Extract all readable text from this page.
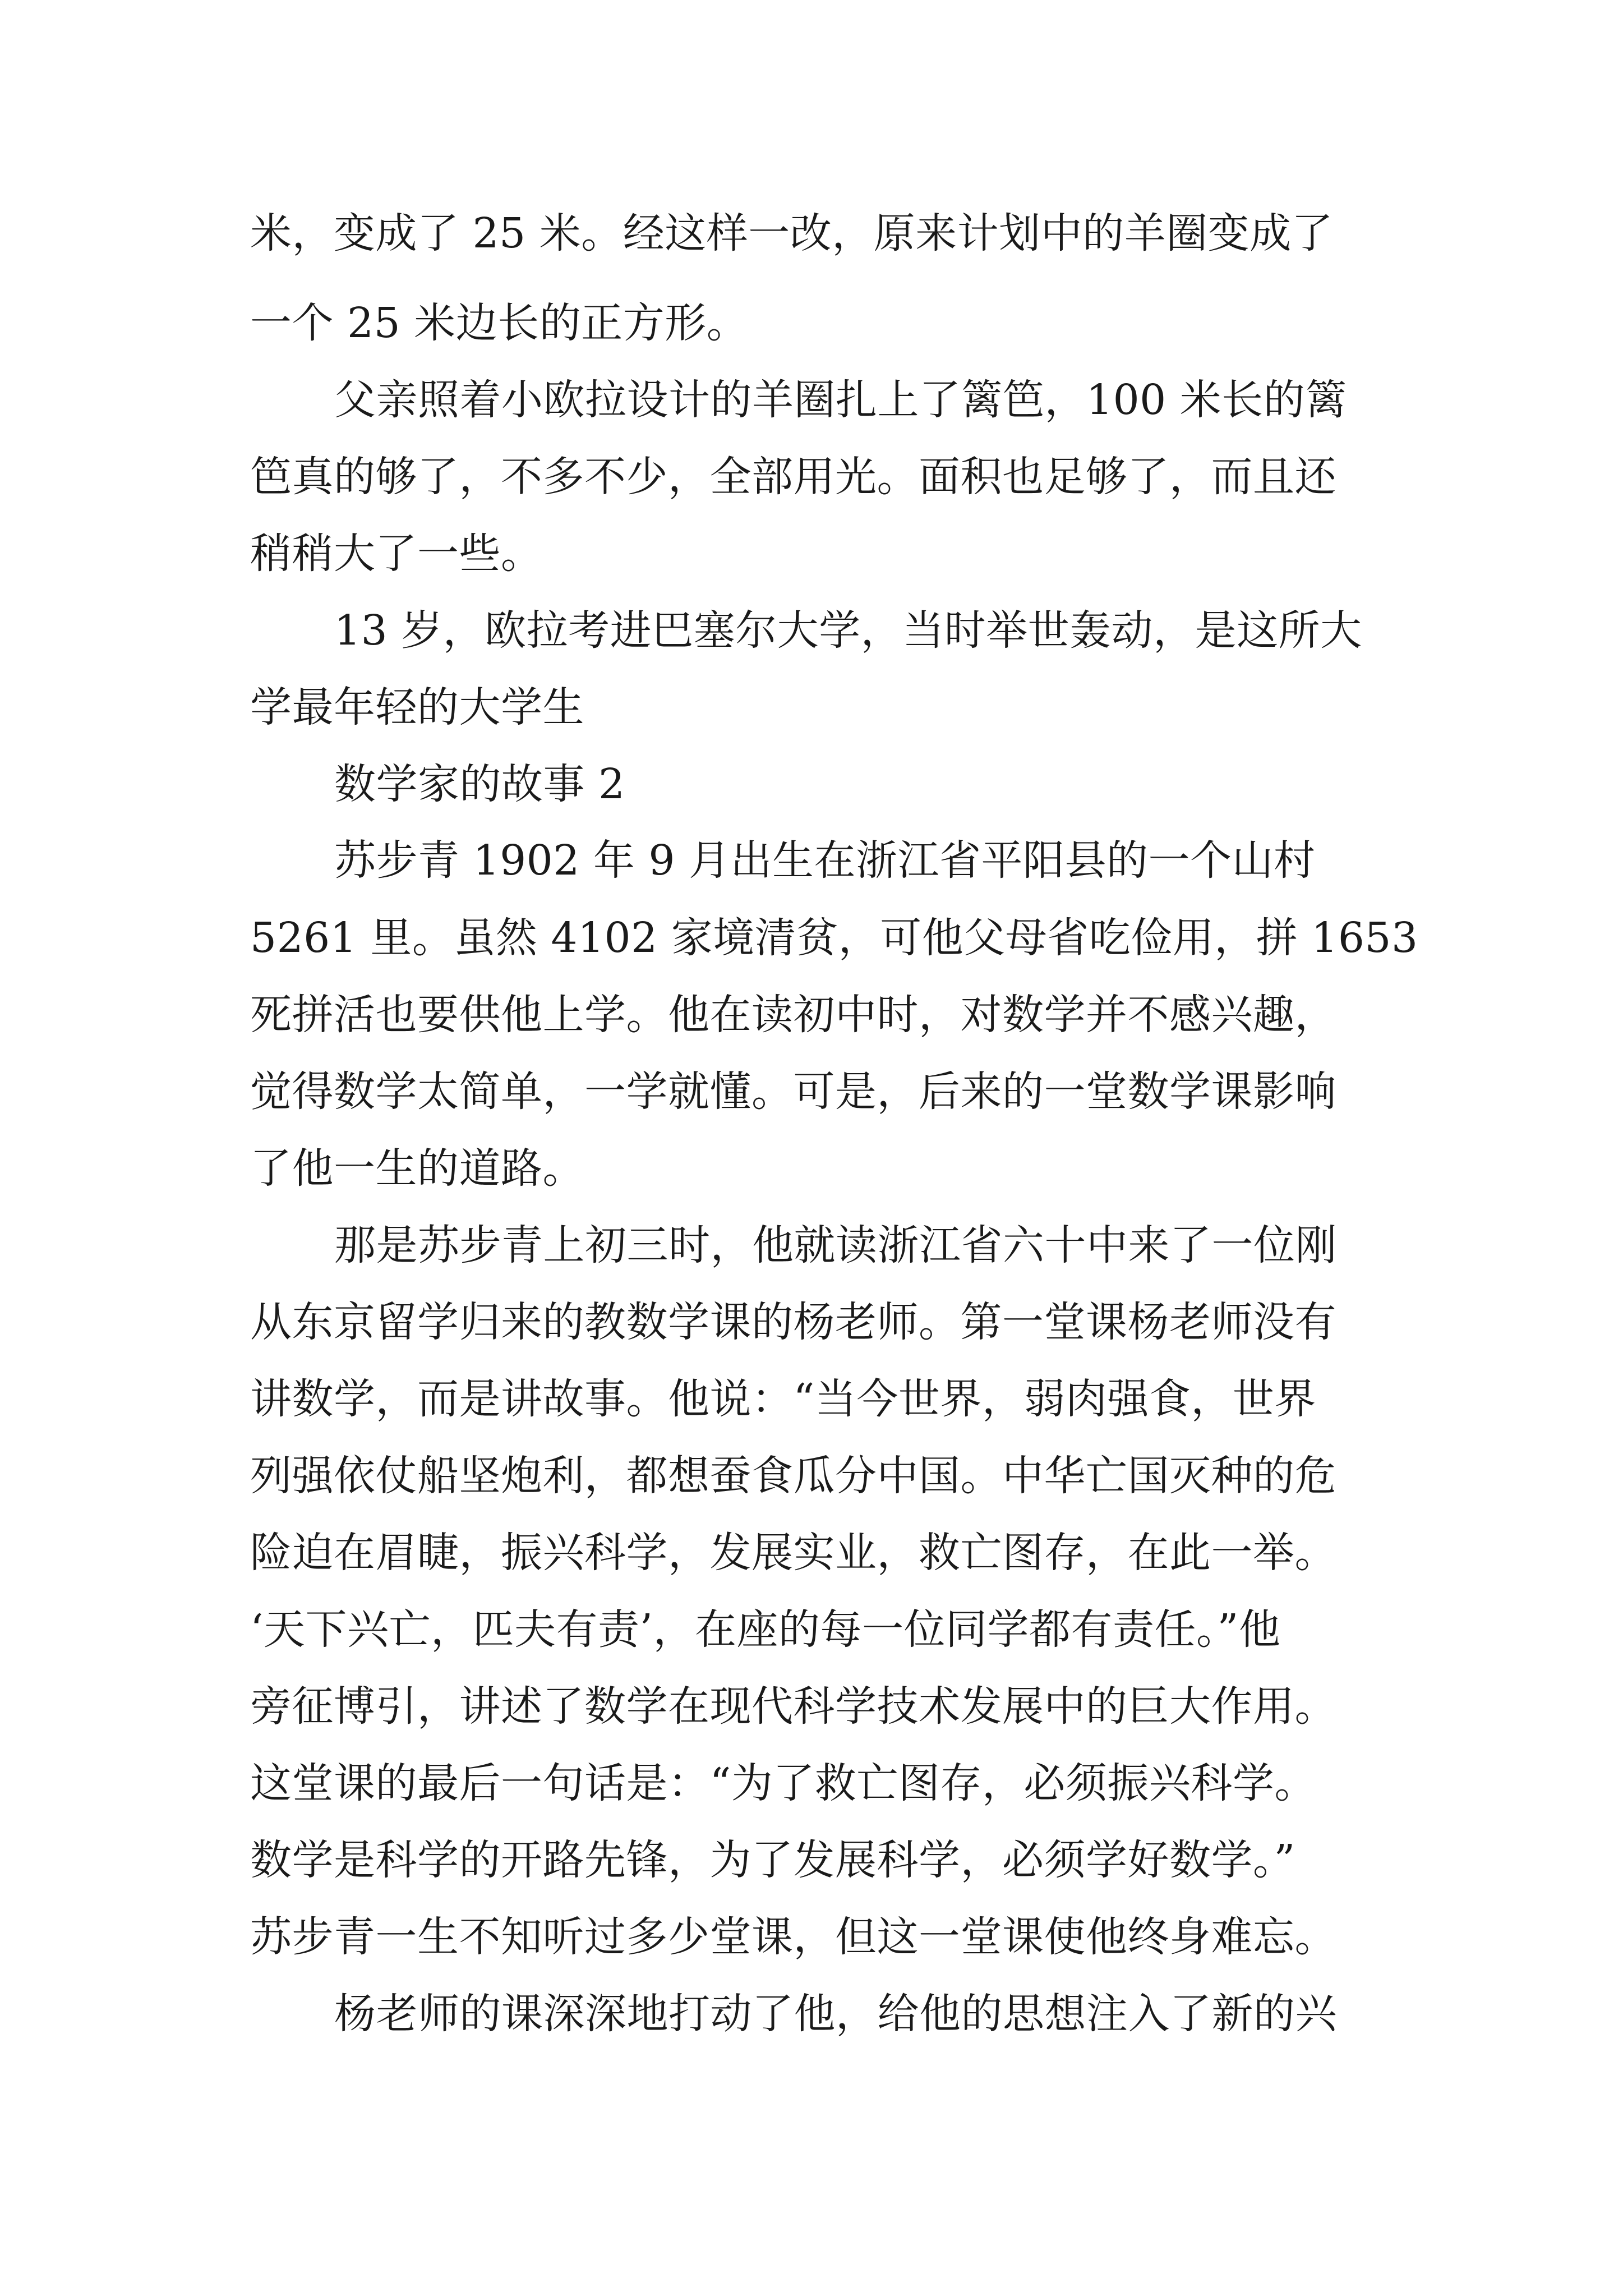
米，变成了 25 米。经这样一改，原来计划中的羊圈变成了
一个 25 米边长的正方形。
父亲照着小欧拉设计的羊圈扎上了篱笆，100 米长的篱
笆真的够了，不多不少，全部用光。面积也足够了，而且还
稍稍大了一些。
13 岁，欧拉考进巴塞尔大学，当时举世轰动，是这所大
学最年轻的大学生
数学家的故事 2
苏步青 1902 年 9 月出生在浙江省平阳县的一个山村
5261 里。虽然 4102 家境清贫，可他父母省吃俭用，拼 1653
死拼活也要供他上学。他在读初中时，对数学并不感兴趣，
觉得数学太简单，一学就懂。可是，后来的一堂数学课影响
了他一生的道路。
那是苏步青上初三时，他就读浙江省六十中来了一位刚
从东京留学归来的教数学课的杨老师。第一堂课杨老师没有
讲数学，而是讲故事。他说：“当今世界，弱肉强食，世界
列强依仗船坚炮利，都想蚕食瓜分中国。中华亡国灭种的危
险迫在眉睫，振兴科学，发展实业，救亡图存，在此一举。
‘天下兴亡，匹夫有责’，在座的每一位同学都有责任。”他
旁征博引，讲述了数学在现代科学技术发展中的巨大作用。
这堂课的最后一句话是：“为了救亡图存，必须振兴科学。
数学是科学的开路先锋，为了发展科学，必须学好数学。”
苏步青一生不知听过多少堂课，但这一堂课使他终身难忘。
杨老师的课深深地打动了他，给他的思想注入了新的兴
